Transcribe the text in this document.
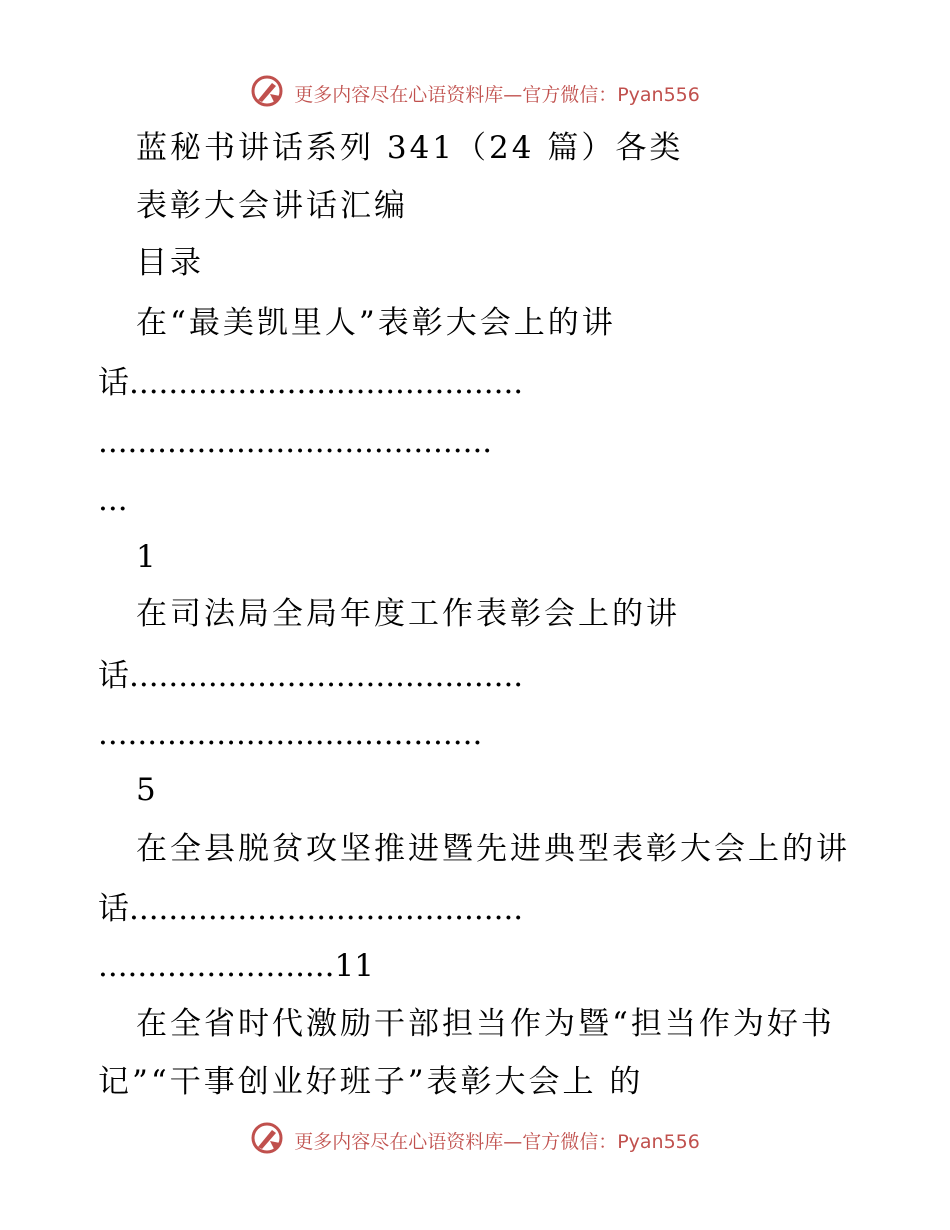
更多内容尽在心语资料库—官方微信：Pyan556
蓝秘书讲话系列 341（24 篇）各类
表彰大会讲话汇编
目录
在“最美凯里人”表彰大会上的讲
话........................................
........................................
...
1
在司法局全局年度工作表彰会上的讲
话........................................
.......................................
5
在全县脱贫攻坚推进暨先进典型表彰大会上的讲
话........................................
........................11
在全省时代激励干部担当作为暨“担当作为好书
记”“干事创业好班子”表彰大会上 的
更多内容尽在心语资料库—官方微信：Pyan556
